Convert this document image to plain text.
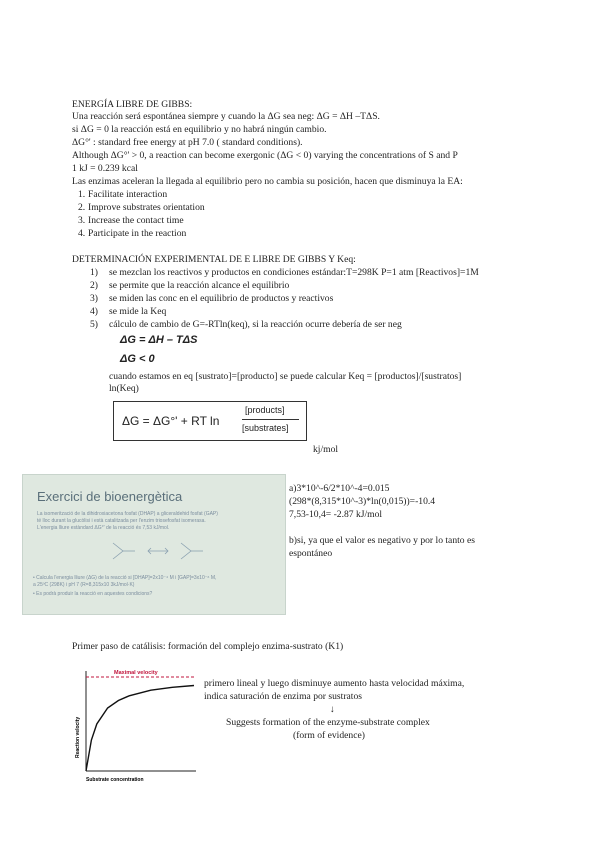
ENERGÍA LIBRE DE GIBBS:
Una reacción será espontánea siempre y cuando la ΔG sea neg: ΔG = ΔH –TΔS.
si ΔG = 0 la reacción está en equilibrio y no habrá ningún cambio.
ΔG°' : standard free energy at pH 7.0 ( standard conditions).
Although ΔG°' > 0, a reaction can become exergonic (ΔG < 0) varying the concentrations of S and P
1 kJ = 0.239 kcal
Las enzimas aceleran la llegada al equilibrio pero no cambia su posición, hacen que disminuya la EA:
1. Facilitate interaction
2. Improve substrates orientation
3. Increase the contact time
4. Participate in the reaction
DETERMINACIÓN EXPERIMENTAL DE E LIBRE DE GIBBS Y Keq:
1) se mezclan los reactivos y productos en condiciones estándar:T=298K P=1 atm [Reactivos]=1M
2) se permite que la reacción alcance el equilibrio
3) se miden las conc en el equilibrio de productos y reactivos
4) se mide la Keq
5) cálculo de cambio de G=-RTln(keq), si la reacción ocurre debería de ser neg
ΔG = ΔH – TΔS
ΔG < 0
cuando estamos en eq [sustrato]=[producto] se puede calcular Keq = [productos]/[sustratos]
ln(Keq)
ΔG = ΔG°' + RT ln
[products]
[substrates]
kj/mol
Exercici de bioenergètica
La isomerització de la dihidroxiacetona fosfat (DHAP) a gliceraldehid fosfat (GAP)
té lloc durant la glucòlisi i està catalitzada per l'enzim triosefosfat isomerasa.
L'energia lliure estàndard ΔG°' de la reacció és 7,53 kJ/mol.
• Calcula l'energia lliure (ΔG) de la reacció si [DHAP]=2x10⁻⁴ M i [GAP]=3x10⁻⁶ M,
a 25ºC (298K) i pH 7 (R=8,315x10 3kJ/mol·K)
• Es podrà produir la reacció en aquestes condicions?
a)3*10^-6/2*10^-4=0.015
(298*(8,315*10^-3)*ln(0,015))=-10.4
7,53-10,4= -2.87 kJ/mol
b)si, ya que el valor es negativo y por lo tanto es
espontáneo
Primer paso de catálisis: formación del complejo enzima-sustrato (K1)
Maximal velocity
Substrate concentration
Reaction velocity
primero lineal y luego disminuye aumento hasta velocidad máxima,
indica saturación de enzima por sustratos
↓
Suggests formation of the enzyme-substrate complex
(form of evidence)
